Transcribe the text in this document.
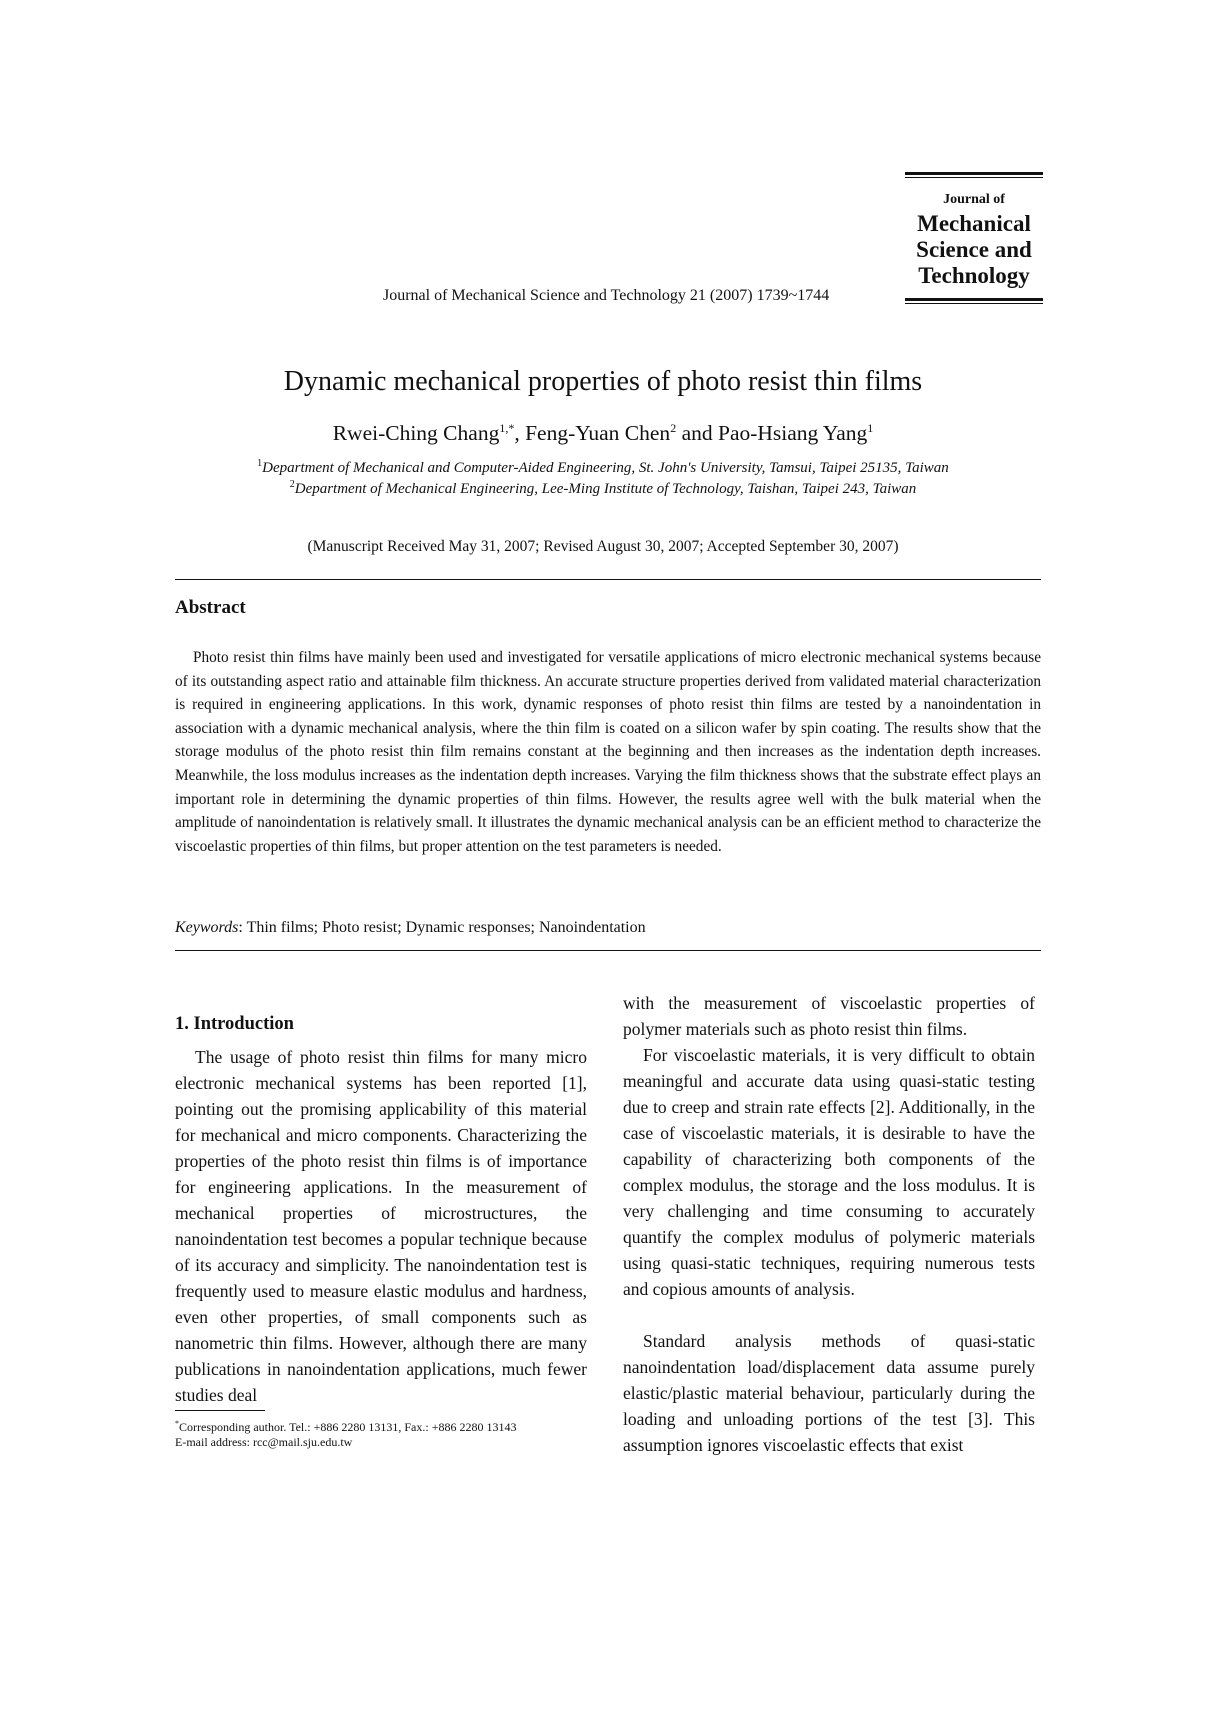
Journal of
Mechanical
Science and
Technology
Journal of Mechanical Science and Technology 21 (2007) 1739~1744
Dynamic mechanical properties of photo resist thin films
Rwei-Ching Chang$^{1,*}$, Feng-Yuan Chen$^2$ and Pao-Hsiang Yang$^1$
$^1$Department of Mechanical and Computer-Aided Engineering, St. John's University, Tamsui, Taipei 25135, Taiwan
$^2$Department of Mechanical Engineering, Lee-Ming Institute of Technology, Taishan, Taipei 243, Taiwan
(Manuscript Received May 31, 2007; Revised August 30, 2007; Accepted September 30, 2007)
Abstract

Photo resist thin films have mainly been used and investigated for versatile applications of micro electronic mechanical systems because of its outstanding aspect ratio and attainable film thickness. An accurate structure properties derived from validated material characterization is required in engineering applications. In this work, dynamic responses of photo resist thin films are tested by a nanoindentation in association with a dynamic mechanical analysis, where the thin film is coated on a silicon wafer by spin coating. The results show that the storage modulus of the photo resist thin film remains constant at the beginning and then increases as the indentation depth increases. Meanwhile, the loss modulus increases as the indentation depth increases. Varying the film thickness shows that the substrate effect plays an important role in determining the dynamic properties of thin films. However, the results agree well with the bulk material when the amplitude of nanoindentation is relatively small. It illustrates the dynamic mechanical analysis can be an efficient method to characterize the viscoelastic properties of thin films, but proper attention on the test parameters is needed.

Keywords: Thin films; Photo resist; Dynamic responses; Nanoindentation
1. Introduction

The usage of photo resist thin films for many micro electronic mechanical systems has been reported [1], pointing out the promising applicability of this material for mechanical and micro components. Characterizing the properties of the photo resist thin films is of importance for engineering applications. In the measurement of mechanical properties of microstructures, the nanoindentation test becomes a popular technique because of its accuracy and simplicity. The nanoindentation test is frequently used to measure elastic modulus and hardness, even other properties, of small components such as nanometric thin films. However, although there are many publications in nanoindentation applications, much fewer studies deal

with the measurement of viscoelastic properties of polymer materials such as photo resist thin films.

For viscoelastic materials, it is very difficult to obtain meaningful and accurate data using quasi-static testing due to creep and strain rate effects [2]. Additionally, in the case of viscoelastic materials, it is desirable to have the capability of characterizing both components of the complex modulus, the storage and the loss modulus. It is very challenging and time consuming to accurately quantify the complex modulus of polymeric materials using quasi-static techniques, requiring numerous tests and copious amounts of analysis.

Standard analysis methods of quasi-static nanoindentation load/displacement data assume purely elastic/plastic material behaviour, particularly during the loading and unloading portions of the test [3]. This assumption ignores viscoelastic effects that exist

*Corresponding author. Tel.: +886 2280 13131, Fax.: +886 2280 13143
E-mail address: rcc@mail.sju.edu.tw
